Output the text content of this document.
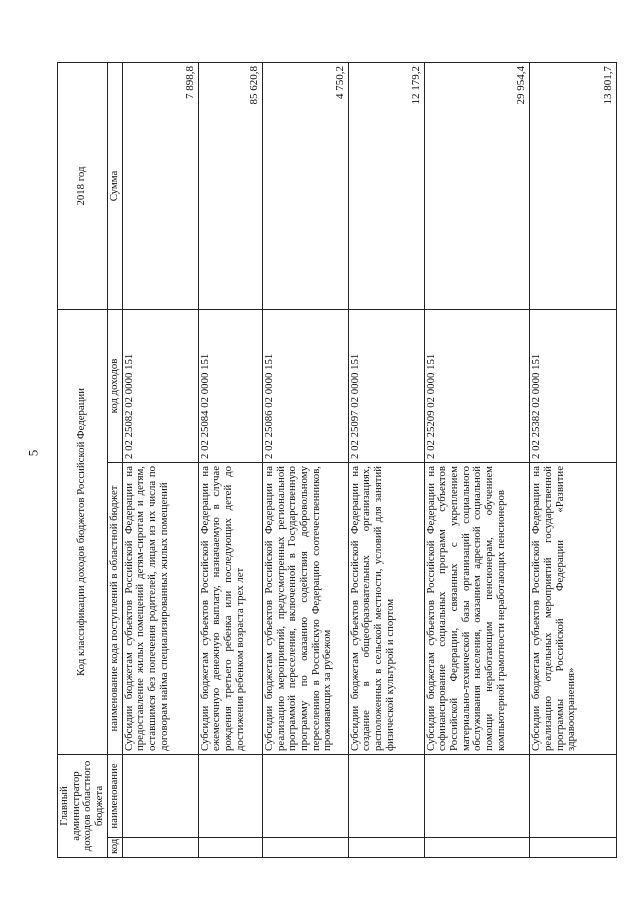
5
Главный администратор доходов областного бюджета		Код классификации доходов бюджетов Российской Федерации		2018 год
код	наименование	наименование кода поступлений в областной бюджет	код доходов	Сумма
		Субсидии бюджетам субъектов Российской Федерации на предоставление жилых помещений детям-сиротам и детям, оставшимся без попечения родителей, лицам из их числа по договорам найма специализированных жилых помещений	2 02 25082 02 0000 151	7 898,8
		Субсидии бюджетам субъектов Российской Федерации на ежемесячную денежную выплату, назначаемую в случае рождения третьего ребенка или последующих детей до достижения ребенком возраста трех лет	2 02 25084 02 0000 151	85 620,8
		Субсидии бюджетам субъектов Российской Федерации на реализацию мероприятий, предусмотренных региональной программой переселения, включенной в Государственную программу по оказанию содействия добровольному переселению в Российскую Федерацию соотечественников, проживающих за рубежом	2 02 25086 02 0000 151	4 750,2
		Субсидии бюджетам субъектов Российской Федерации на создание в общеобразовательных организациях, расположенных в сельской местности, условий для занятий физической культурой и спортом	2 02 25097 02 0000 151	12 179,2
		Субсидии бюджетам субъектов Российской Федерации на софинансирование социальных программ субъектов Российской Федерации, связанных с укреплением материально-технической базы организаций социального обслуживания населения, оказанием адресной социальной помощи неработающим пенсионерам, обучением компьютерной грамотности неработающих пенсионеров	2 02 25209 02 0000 151	29 954,4
		Субсидии бюджетам субъектов Российской Федерации на реализацию отдельных мероприятий государственной программы Российской Федерации «Развитие здравоохранения»	2 02 25382 02 0000 151	13 801,7
